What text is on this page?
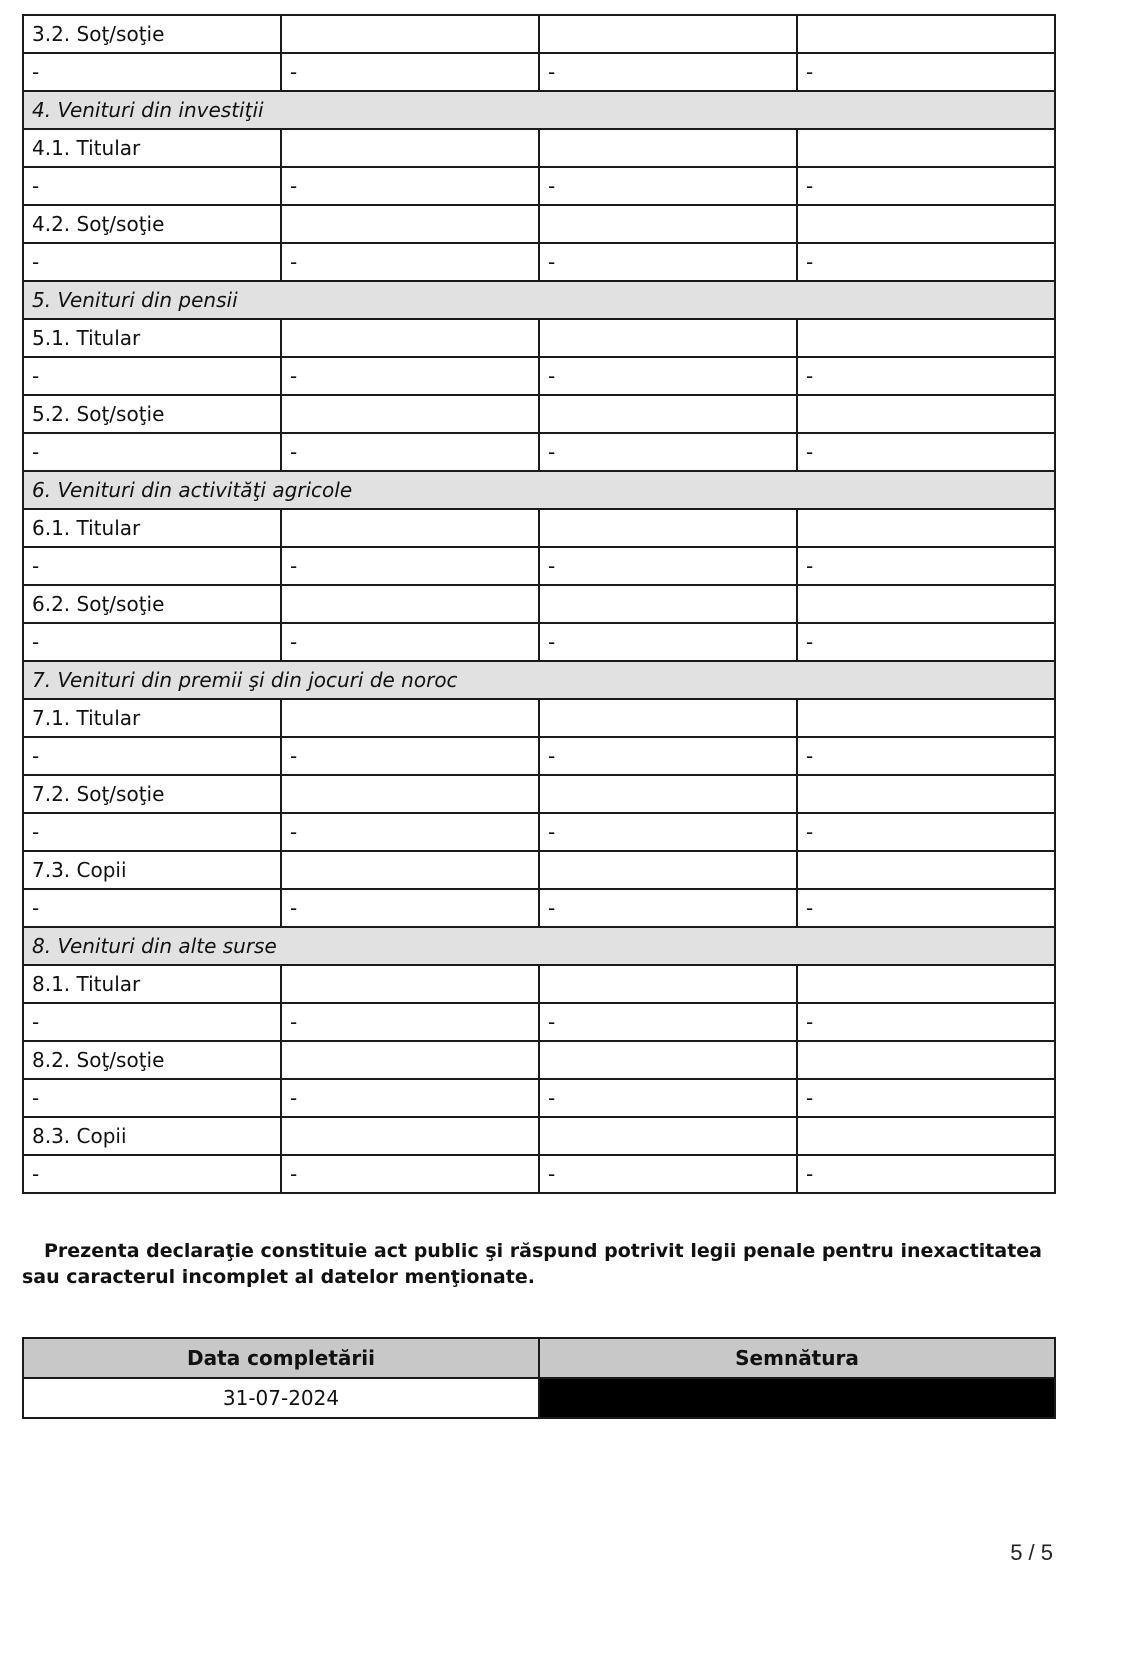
3.2. Soţ/soţie			
-	-	-	-
4. Venituri din investiţii			
4.1. Titular			
-	-	-	-
4.2. Soţ/soţie			
-	-	-	-
5. Venituri din pensii			
5.1. Titular			
-	-	-	-
5.2. Soţ/soţie			
-	-	-	-
6. Venituri din activităţi agricole			
6.1. Titular			
-	-	-	-
6.2. Soţ/soţie			
-	-	-	-
7. Venituri din premii şi din jocuri de noroc			
7.1. Titular			
-	-	-	-
7.2. Soţ/soţie			
-	-	-	-
7.3. Copii			
-	-	-	-
8. Venituri din alte surse			
8.1. Titular			
-	-	-	-
8.2. Soţ/soţie			
-	-	-	-
8.3. Copii			
-	-	-	-

Prezenta declaraţie constituie act public şi răspund potrivit legii penale pentru inexactitatea sau caracterul incomplet al datelor menţionate.

Data completării	Semnătura
31-07-2024	
5 / 5
